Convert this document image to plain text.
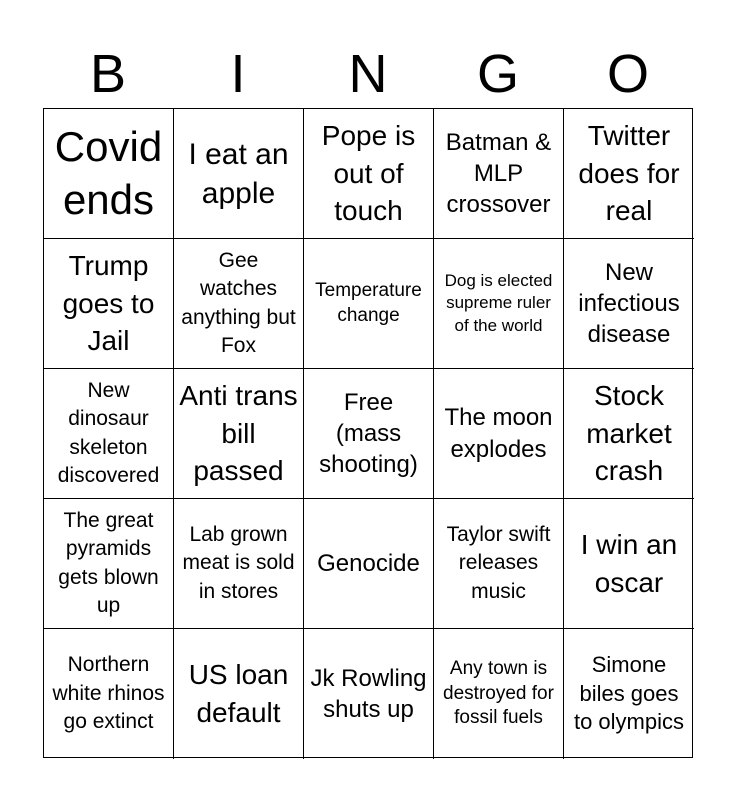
B	I	N	G	O
Covid ends
I eat an apple
Pope is out of touch
Batman & MLP crossover
Twitter does for real
Trump goes to Jail
Gee watches anything but Fox
Temperature change
Dog is elected supreme ruler of the world
New infectious disease
New dinosaur skeleton discovered
Anti trans bill passed
Free (mass shooting)
The moon explodes
Stock market crash
The great pyramids gets blown up
Lab grown meat is sold in stores
Genocide
Taylor swift releases music
I win an oscar
Northern white rhinos go extinct
US loan default
Jk Rowling shuts up
Any town is destroyed for fossil fuels
Simone biles goes to olympics
